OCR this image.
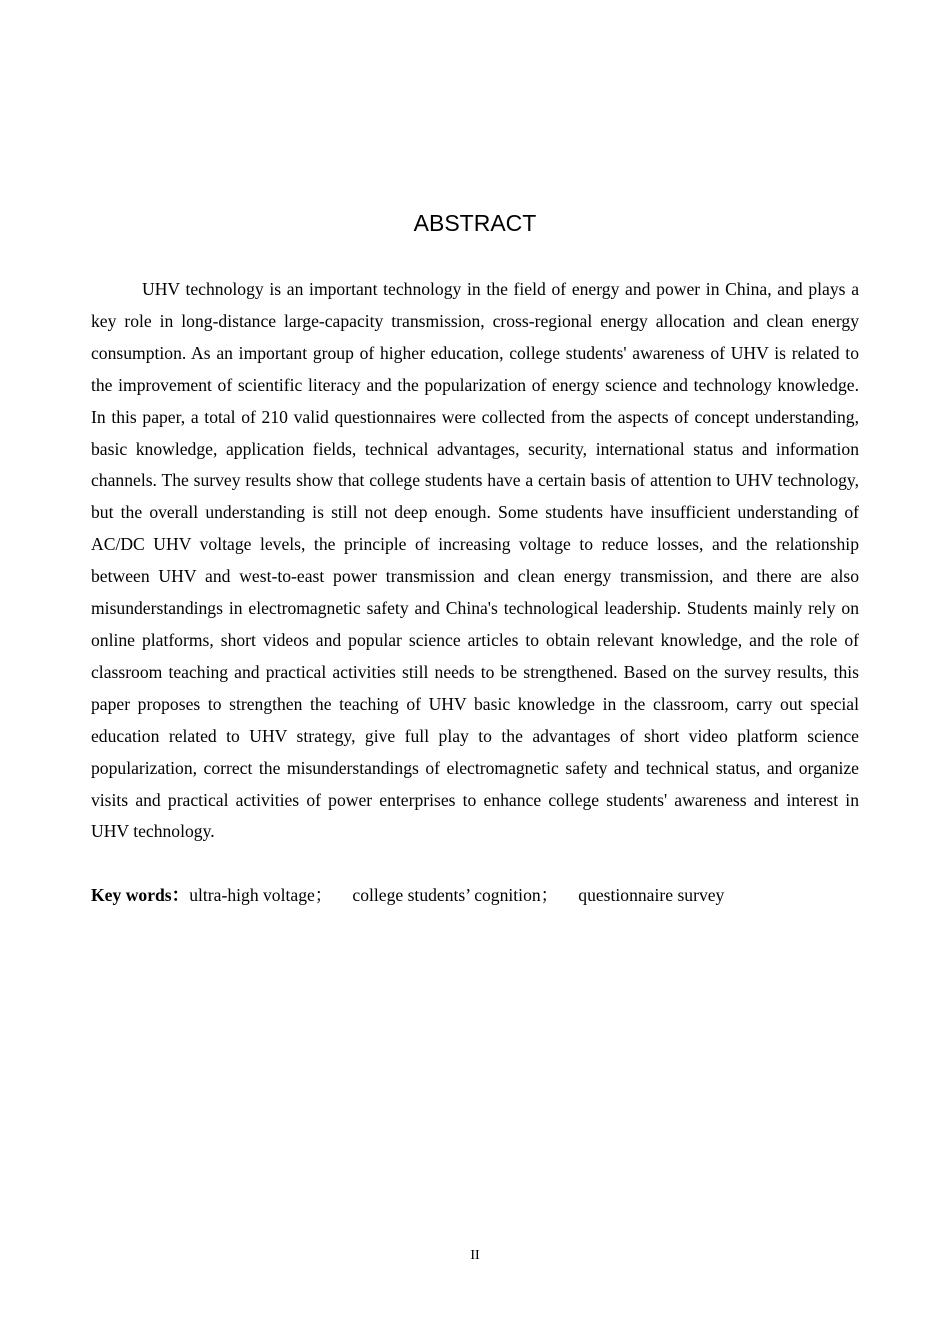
ABSTRACT

UHV technology is an important technology in the field of energy and power in China, and plays a key role in long-distance large-capacity transmission, cross-regional energy allocation and clean energy consumption. As an important group of higher education, college students' awareness of UHV is related to the improvement of scientific literacy and the popularization of energy science and technology knowledge. In this paper, a total of 210 valid questionnaires were collected from the aspects of concept understanding, basic knowledge, application fields, technical advantages, security, international status and information channels. The survey results show that college students have a certain basis of attention to UHV technology, but the overall understanding is still not deep enough. Some students have insufficient understanding of AC/DC UHV voltage levels, the principle of increasing voltage to reduce losses, and the relationship between UHV and west-to-east power transmission and clean energy transmission, and there are also misunderstandings in electromagnetic safety and China's technological leadership. Students mainly rely on online platforms, short videos and popular science articles to obtain relevant knowledge, and the role of classroom teaching and practical activities still needs to be strengthened. Based on the survey results, this paper proposes to strengthen the teaching of UHV basic knowledge in the classroom, carry out special education related to UHV strategy, give full play to the advantages of short video platform science popularization, correct the misunderstandings of electromagnetic safety and technical status, and organize visits and practical activities of power enterprises to enhance college students' awareness and interest in UHV technology.

Key words：ultra-high voltage； college students’ cognition； questionnaire survey

II
